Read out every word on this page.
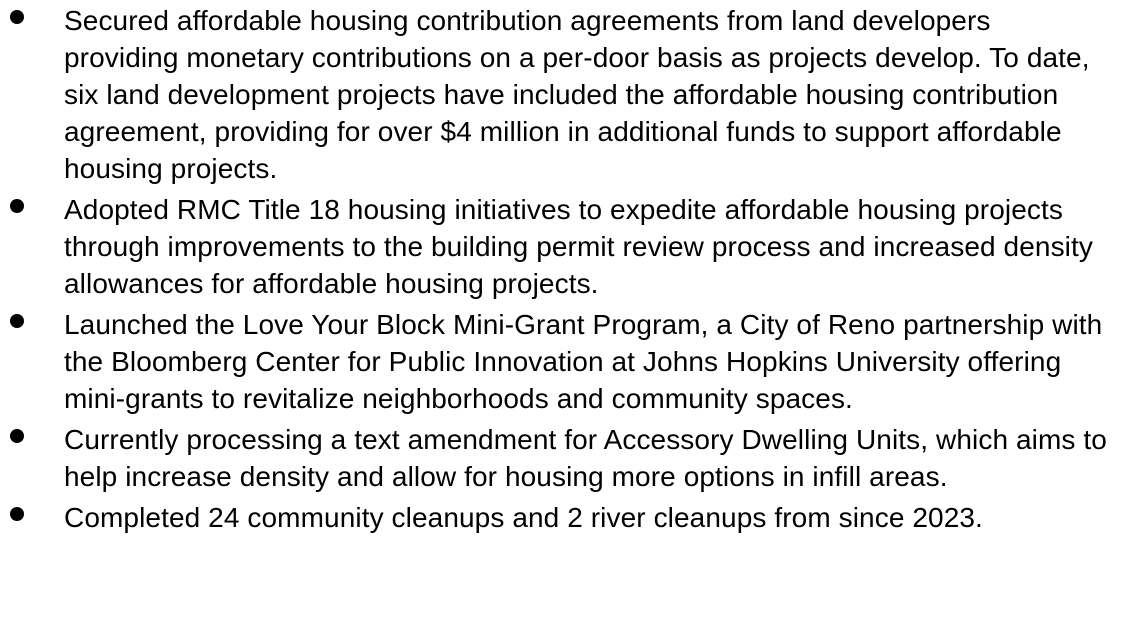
Secured affordable housing contribution agreements from land developers providing monetary contributions on a per-door basis as projects develop. To date, six land development projects have included the affordable housing contribution agreement, providing for over $4 million in additional funds to support affordable housing projects.
Adopted RMC Title 18 housing initiatives to expedite affordable housing projects through improvements to the building permit review process and increased density allowances for affordable housing projects.
Launched the Love Your Block Mini-Grant Program, a City of Reno partnership with the Bloomberg Center for Public Innovation at Johns Hopkins University offering mini-grants to revitalize neighborhoods and community spaces.
Currently processing a text amendment for Accessory Dwelling Units, which aims to help increase density and allow for housing more options in infill areas.
Completed 24 community cleanups and 2 river cleanups from since 2023.
